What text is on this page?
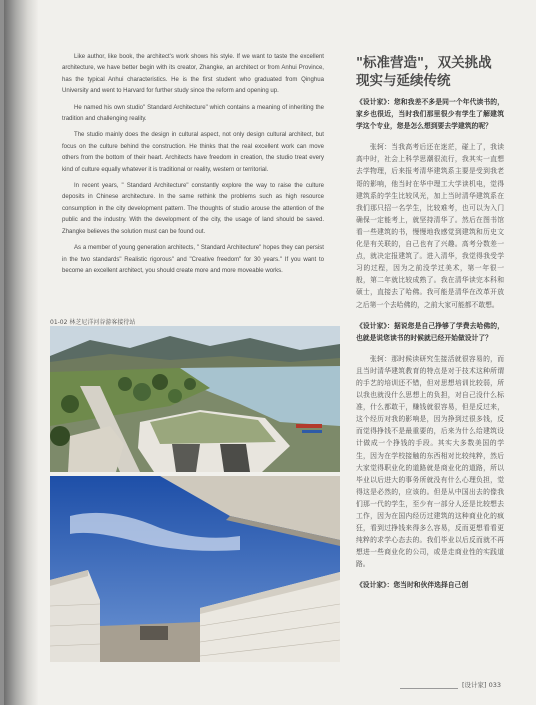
Like author, like book, the architect's work shows his style. If we want to taste the excellent architecture, we have better begin with its creator, Zhangke, an architect or from Anhui Province, has the typical Anhui characteristics. He is the first student who graduated from Qinghua University and went to Harvard for further study since the reform and opening up.

He named his own studio" Standard Architecture" which contains a meaning of inheriting the tradition and challenging reality.

The studio mainly does the design in cultural aspect, not only design cultural architect, but focus on the culture behind the construction. He thinks that the real excellent work can move others from the bottom of their heart. Architects have freedom in creation, the studio treat every kind of culture equally whatever it is traditional or reality, western or territorial.

In recent years, " Standard Architecture" constantly explore the way to raise the culture deposits in Chinese architecture. In the same rethink the problems such as high resource consumption in the city development pattern. The thoughts of studio arouse the attention of the public and the industry. With the development of the city, the usage of land should be saved. Zhangke believes the solution must can be found out.

As a member of young generation architects, " Standard Architecture" hopes they can persist in the two standards" Realistic rigorous" and "Creative freedom" for 30 years." If you want to become an excellent architect, you should create more and more moveable works.

01-02 林芝尼洋河谷游客接待站
"标准营造"，双关挑战现实与延续传统

《设计家》：您和我差不多是同一个年代读书的，家乡也很近，当时我们那里很少有学生了解建筑学这个专业，您是怎么想到要去学建筑的呢？

张轲：当我高考后还在迷茫，碰上了，我读高中时，社会上科学思潮很流行，我其实一直想去学物理，后来报考清华建筑系主要是受到我老哥的影响，他当时在华中理工大学读机电，觉得建筑系的学生比较风光，加上当时清华建筑系在我们那只招一名学生，比较难考，也可以为入门确保一定能考上，就坚持清华了。然后在图书馆看一些建筑的书，慢慢地我感觉到建筑和历史文化是有关联的，自己也有了兴趣。高考分数差一点，就决定报建筑了。进入清华，我觉得我受学习的过程，因为之前没学过美术，第一年很一般，第二年就比较成熟了。我在清华读完本科和硕士，直接去了哈佛。我可能是清华在改革开放之后第一个去哈佛的，之前大家可能都不敢想。

《设计家》：据说您是自己挣够了学费去哈佛的，也就是说您读书的时候就已经开始做设计了？

张轲：那时候读研究生接活就很容易的，而且当时清华建筑教育的特点是对于技术这种所谓的手艺的培训还不错，但对思想培训比较弱，所以我也就没什么思想上的负担，对自己没什么标准，什么都敢干，赚钱就很容易，但是反过来，这个经历对我的影响是，因为挣到过很多钱，反而觉得挣钱不是最重要的，后来为什么给建筑设计做成一个挣钱的手段。其实大多数美国的学生，因为在学校接触的东西相对比较纯粹，然后大家觉得职业化的道路就是商业化的道路，所以毕业以后进大的事务所就没有什么心理负担，觉得这是必然的，应该的。但是从中国出去的像我们那一代的学生，至少有一部分人还是比较想去工作，因为在国内经历过建筑的这种商业化的疯狂，看到过挣钱来得多么容易，反而更想看看更纯粹的求学心态去的。我们毕业以后反而就不再想进一些商业化的公司，或是走商业性的实践道路。

《设计家》：您当时和伙伴选择自己创

[设计家] 033
